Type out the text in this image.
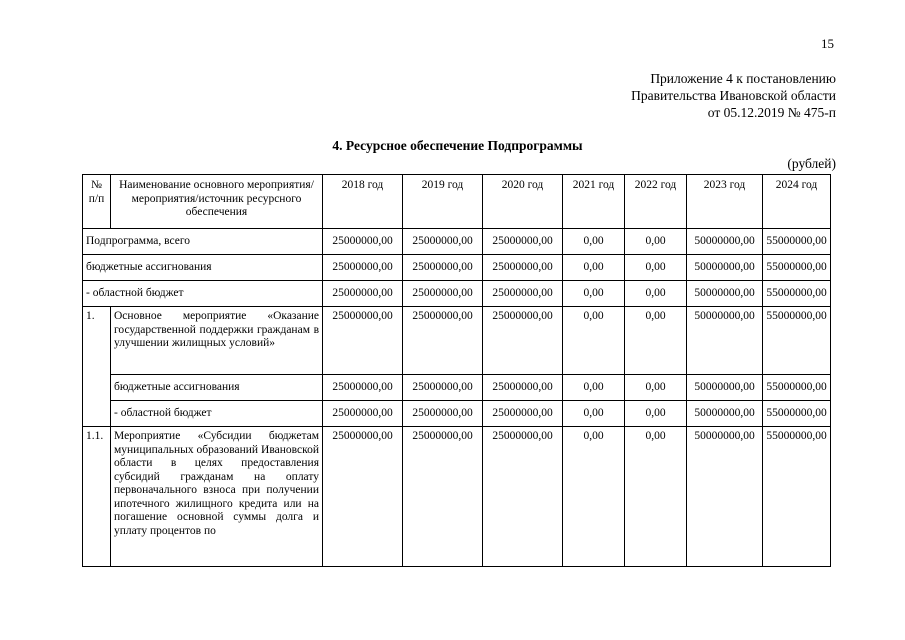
15
Приложение 4 к постановлению
Правительства Ивановской области
от 05.12.2019 № 475-п
4. Ресурсное обеспечение Подпрограммы
(рублей)
№ п/п	Наименование основного мероприятия/мероприятия/источник ресурсного обеспечения	2018 год	2019 год	2020 год	2021 год	2022 год	2023 год	2024 год
Подпрограмма, всего		25000000,00	25000000,00	25000000,00	0,00	0,00	50000000,00	55000000,00
бюджетные ассигнования		25000000,00	25000000,00	25000000,00	0,00	0,00	50000000,00	55000000,00
- областной бюджет		25000000,00	25000000,00	25000000,00	0,00	0,00	50000000,00	55000000,00
1.	Основное мероприятие «Оказание государственной поддержки гражданам в улучшении жилищных условий»	25000000,00	25000000,00	25000000,00	0,00	0,00	50000000,00	55000000,00
	бюджетные ассигнования	25000000,00	25000000,00	25000000,00	0,00	0,00	50000000,00	55000000,00
	- областной бюджет	25000000,00	25000000,00	25000000,00	0,00	0,00	50000000,00	55000000,00
1.1.	Мероприятие «Субсидии бюджетам муниципальных образований Ивановской области в целях предоставления субсидий гражданам на оплату первоначального взноса при получении ипотечного жилищного кредита или на погашение основной суммы долга и уплату процентов по	25000000,00	25000000,00	25000000,00	0,00	0,00	50000000,00	55000000,00
